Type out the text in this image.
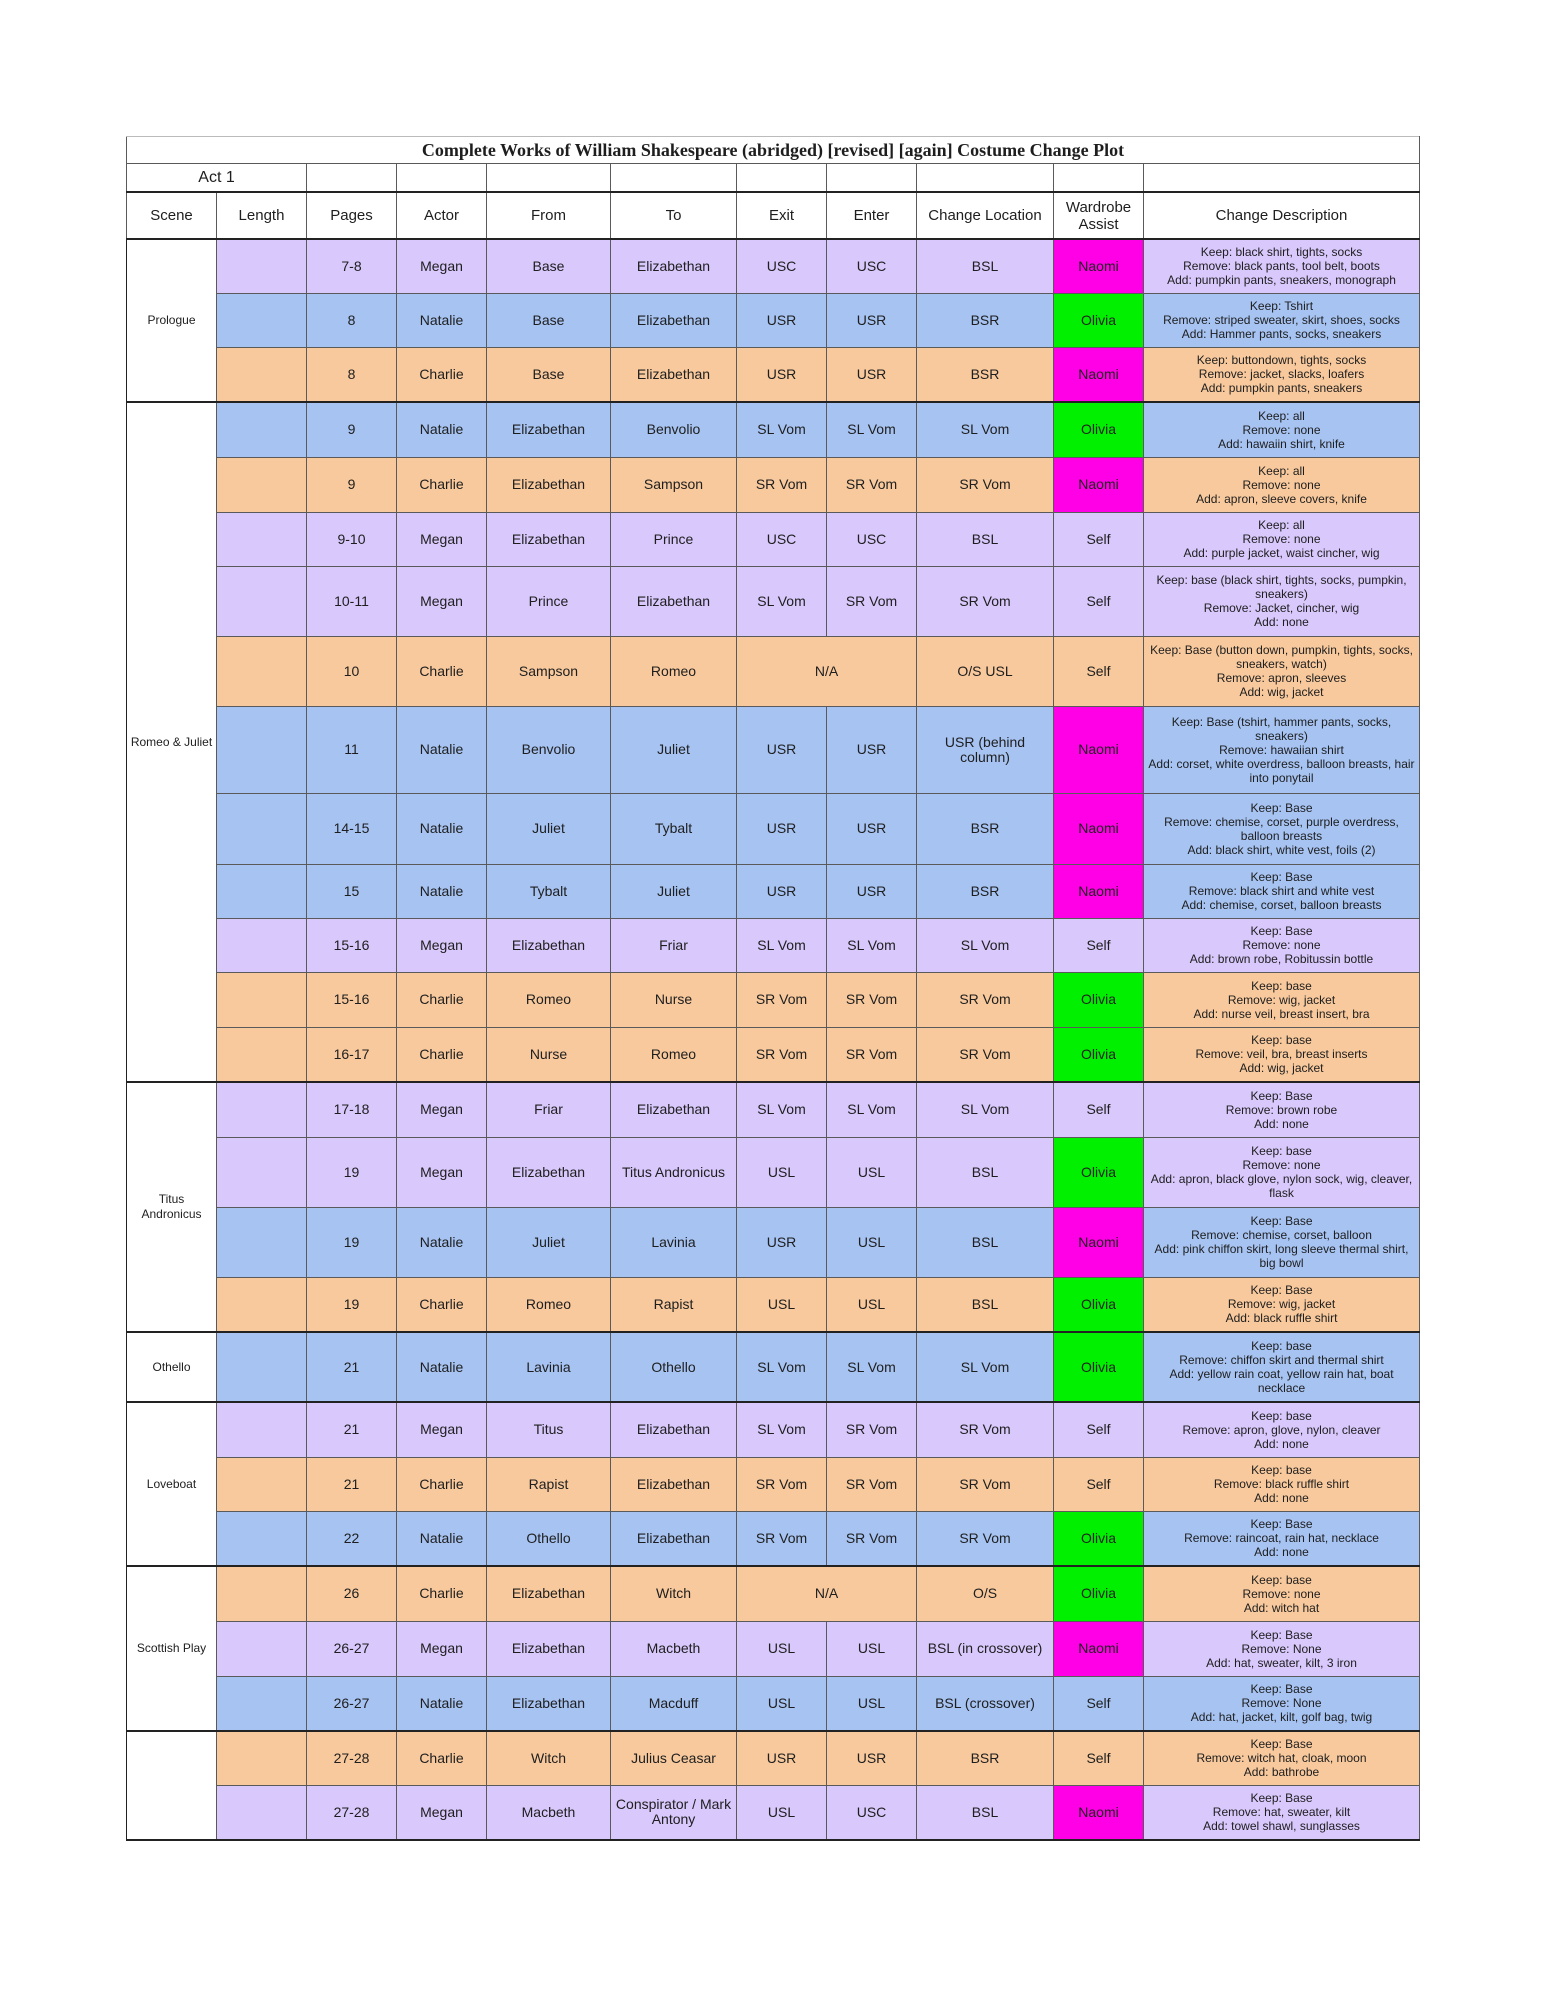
Complete Works of William Shakespeare (abridged) [revised] [again] Costume Change Plot										
Act 1										
Scene	Length	Pages	Actor	From	To	Exit	Enter	Change Location	Wardrobe Assist	Change Description
Prologue		7-8	Megan	Base	Elizabethan	USC	USC	BSL	Naomi	Keep: black shirt, tights, socks
Remove: black pants, tool belt, boots
Add: pumpkin pants, sneakers, monograph

		8	Natalie	Base	Elizabethan	USR	USR	BSR	Olivia	Keep: Tshirt
Remove: striped sweater, skirt, shoes, socks
Add: Hammer pants, socks, sneakers

		8	Charlie	Base	Elizabethan	USR	USR	BSR	Naomi	Keep: buttondown, tights, socks
Remove: jacket, slacks, loafers
Add: pumpkin pants, sneakers

Romeo & Juliet		9	Natalie	Elizabethan	Benvolio	SL Vom	SL Vom	SL Vom	Olivia	Keep: all
Remove: none
Add: hawaiin shirt, knife

		9	Charlie	Elizabethan	Sampson	SR Vom	SR Vom	SR Vom	Naomi	Keep: all
Remove: none
Add: apron, sleeve covers, knife

		9-10	Megan	Elizabethan	Prince	USC	USC	BSL	Self	Keep: all
Remove: none
Add: purple jacket, waist cincher, wig

		10-11	Megan	Prince	Elizabethan	SL Vom	SR Vom	SR Vom	Self	Keep: base (black shirt, tights, socks, pumpkin, sneakers)
Remove: Jacket, cincher, wig
Add: none

		10	Charlie	Sampson	Romeo	N/A		O/S USL	Self	Keep: Base (button down, pumpkin, tights, socks, sneakers, watch)
Remove: apron, sleeves
Add: wig, jacket

		11	Natalie	Benvolio	Juliet	USR	USR	USR (behind column)	Naomi	Keep: Base (tshirt, hammer pants, socks, sneakers)
Remove: hawaiian shirt
Add: corset, white overdress, balloon breasts, hair into ponytail

		14-15	Natalie	Juliet	Tybalt	USR	USR	BSR	Naomi	Keep: Base
Remove: chemise, corset, purple overdress, balloon breasts
Add: black shirt, white vest, foils (2)

		15	Natalie	Tybalt	Juliet	USR	USR	BSR	Naomi	Keep: Base
Remove: black shirt and white vest
Add: chemise, corset, balloon breasts

		15-16	Megan	Elizabethan	Friar	SL Vom	SL Vom	SL Vom	Self	Keep: Base
Remove: none
Add: brown robe, Robitussin bottle

		15-16	Charlie	Romeo	Nurse	SR Vom	SR Vom	SR Vom	Olivia	Keep: base
Remove: wig, jacket
Add: nurse veil, breast insert, bra

		16-17	Charlie	Nurse	Romeo	SR Vom	SR Vom	SR Vom	Olivia	Keep: base
Remove: veil, bra, breast inserts
Add: wig, jacket

Titus Andronicus		17-18	Megan	Friar	Elizabethan	SL Vom	SL Vom	SL Vom	Self	Keep: Base
Remove: brown robe
Add: none

		19	Megan	Elizabethan	Titus Andronicus	USL	USL	BSL	Olivia	Keep: base
Remove: none
Add: apron, black glove, nylon sock, wig, cleaver, flask

		19	Natalie	Juliet	Lavinia	USR	USL	BSL	Naomi	Keep: Base
Remove: chemise, corset, balloon
Add: pink chiffon skirt, long sleeve thermal shirt, big bowl

		19	Charlie	Romeo	Rapist	USL	USL	BSL	Olivia	Keep: Base
Remove: wig, jacket
Add: black ruffle shirt

Othello		21	Natalie	Lavinia	Othello	SL Vom	SL Vom	SL Vom	Olivia	Keep: base
Remove: chiffon skirt and thermal shirt
Add: yellow rain coat, yellow rain hat, boat necklace

Loveboat		21	Megan	Titus	Elizabethan	SL Vom	SR Vom	SR Vom	Self	Keep: base
Remove: apron, glove, nylon, cleaver
Add: none

		21	Charlie	Rapist	Elizabethan	SR Vom	SR Vom	SR Vom	Self	Keep: base
Remove: black ruffle shirt
Add: none

		22	Natalie	Othello	Elizabethan	SR Vom	SR Vom	SR Vom	Olivia	Keep: Base
Remove: raincoat, rain hat, necklace
Add: none

Scottish Play		26	Charlie	Elizabethan	Witch	N/A		O/S	Olivia	Keep: base
Remove: none
Add: witch hat

		26-27	Megan	Elizabethan	Macbeth	USL	USL	BSL (in crossover)	Naomi	Keep: Base
Remove: None
Add: hat, sweater, kilt, 3 iron

		26-27	Natalie	Elizabethan	Macduff	USL	USL	BSL (crossover)	Self	Keep: Base
Remove: None
Add: hat, jacket, kilt, golf bag, twig

		27-28	Charlie	Witch	Julius Ceasar	USR	USR	BSR	Self	Keep: Base
Remove: witch hat, cloak, moon
Add: bathrobe

		27-28	Megan	Macbeth	Conspirator / Mark Antony	USL	USC	BSL	Naomi	Keep: Base
Remove: hat, sweater, kilt
Add: towel shawl, sunglasses
